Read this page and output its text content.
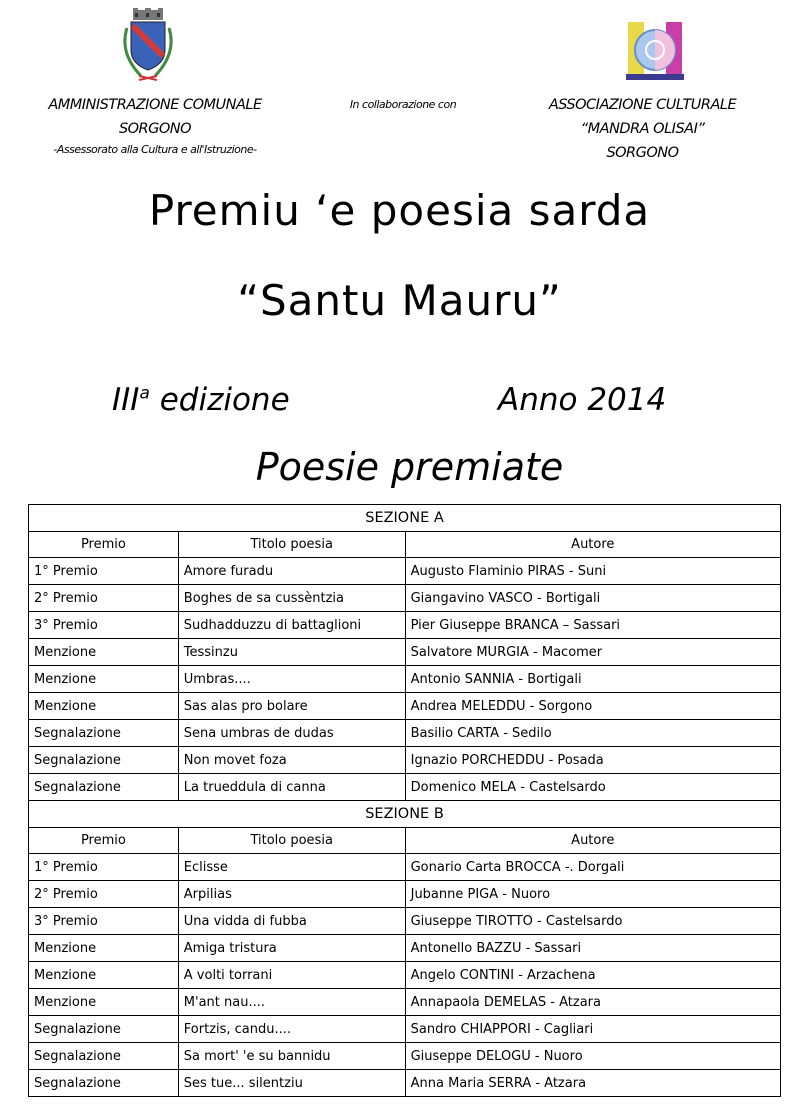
AMMINISTRAZIONE COMUNALE
SORGONO
-Assessorato alla Cultura e all'Istruzione-
In collaborazione con	ASSOCIAZIONE CULTURALE
“MANDRA OLISAI”
SORGONO
Premiu ‘e poesia sarda
“Santu Mauru”
III$^a$ edizione	Anno 2014
Poesie premiate
SEZIONE A		
Premio	Titolo poesia	Autore
1° Premio	Amore furadu	Augusto Flaminio PIRAS - Suni
2° Premio	Boghes de sa cussèntzia	Giangavino VASCO - Bortigali
3° Premio	Sudhadduzzu di battaglioni	Pier Giuseppe BRANCA – Sassari
Menzione	Tessinzu	Salvatore MURGIA - Macomer
Menzione	Umbras....	Antonio SANNIA - Bortigali
Menzione	Sas alas pro bolare	Andrea MELEDDU - Sorgono
Segnalazione	Sena umbras de dudas	Basilio CARTA - Sedilo
Segnalazione	Non movet foza	Ignazio PORCHEDDU - Posada
Segnalazione	La trueddula di canna	Domenico MELA - Castelsardo
SEZIONE B		
Premio	Titolo poesia	Autore
1° Premio	Eclisse	Gonario Carta BROCCA -. Dorgali
2° Premio	Arpilias	Jubanne PIGA - Nuoro
3° Premio	Una vidda di fubba	Giuseppe TIROTTO - Castelsardo
Menzione	Amiga tristura	Antonello BAZZU - Sassari
Menzione	A volti torrani	Angelo CONTINI - Arzachena
Menzione	M'ant nau....	Annapaola DEMELAS - Atzara
Segnalazione	Fortzis, candu....	Sandro CHIAPPORI - Cagliari
Segnalazione	Sa mort' 'e su bannidu	Giuseppe DELOGU - Nuoro
Segnalazione	Ses tue... silentziu	Anna Maria SERRA - Atzara
